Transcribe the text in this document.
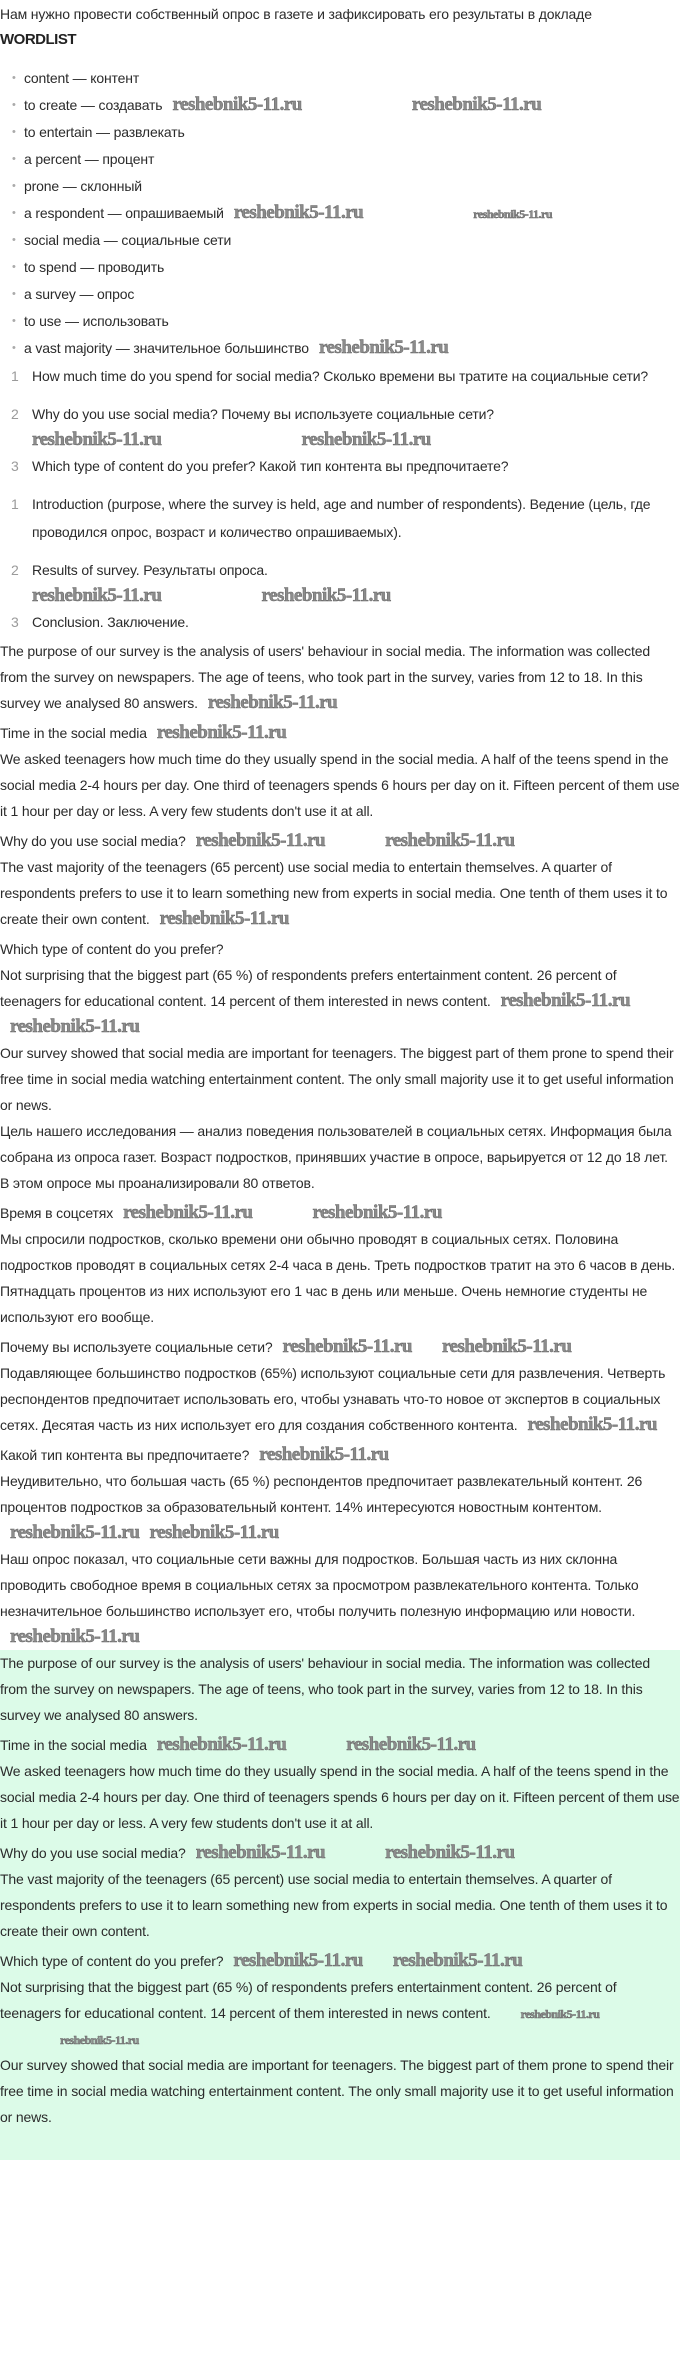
Нам нужно провести собственный опрос в газете и зафиксировать его результаты в докладе

WORDLIST
• content — контент
• to create — создавать reshebnik5-11.ru	reshebnik5-11.ru
• to entertain — развлекать
• a percent — процент
• prone — склонный
• a respondent — опрашиваемый reshebnik5-11.ru	reshebnik5-11.ru
• social media — социальные сети
• to spend — проводить
• a survey — опрос
• to use — использовать
• a vast majority — значительное большинство reshebnik5-11.ru
1 How much time do you spend for social media? Сколько времени вы тратите на социальные сети?
2 Why do you use social media? Почему вы используете социальные сети?
reshebnik5-11.ru	reshebnik5-11.ru
3 Which type of content do you prefer? Какой тип контента вы предпочитаете?
1 Introduction (purpose, where the survey is held, age and number of respondents). Ведение (цель, где проводился опрос, возраст и количество опрашиваемых).
2 Results of survey. Результаты опроса.
reshebnik5-11.ru	reshebnik5-11.ru
3 Conclusion. Заключение.

The purpose of our survey is the analysis of users' behaviour in social media. The information was collected from the survey on newspapers. The age of teens, who took part in the survey, varies from 12 to 18. In this survey we analysed 80 answers. reshebnik5-11.ru

Time in the social media reshebnik5-11.ru

We asked teenagers how much time do they usually spend in the social media. A half of the teens spend in the social media 2-4 hours per day. One third of teenagers spends 6 hours per day on it. Fifteen percent of them use it 1 hour per day or less. A very few students don't use it at all.

Why do you use social media? reshebnik5-11.ru	reshebnik5-11.ru

The vast majority of the teenagers (65 percent) use social media to entertain themselves. A quarter of respondents prefers to use it to learn something new from experts in social media. One tenth of them uses it to create their own content. reshebnik5-11.ru

Which type of content do you prefer?

Not surprising that the biggest part (65 %) of respondents prefers entertainment content. 26 percent of teenagers for educational content. 14 percent of them interested in news content. reshebnik5-11.rureshebnik5-11.ru

Our survey showed that social media are important for teenagers. The biggest part of them prone to spend their free time in social media watching entertainment content. The only small majority use it to get useful information or news.

Цель нашего исследования — анализ поведения пользователей в социальных сетях. Информация была собрана из опроса газет. Возраст подростков, принявших участие в опросе, варьируется от 12 до 18 лет. В этом опросе мы проанализировали 80 ответов.

Время в соцсетях reshebnik5-11.ru	reshebnik5-11.ru

Мы спросили подростков, сколько времени они обычно проводят в социальных сетях. Половина подростков проводят в социальных сетях 2-4 часа в день. Треть подростков тратит на это 6 часов в день. Пятнадцать процентов из них используют его 1 час в день или меньше. Очень немногие студенты не используют его вообще.

Почему вы используете социальные сети? reshebnik5-11.ru reshebnik5-11.ru

Подавляющее большинство подростков (65%) используют социальные сети для развлечения. Четверть респондентов предпочитает использовать его, чтобы узнавать что-то новое от экспертов в социальных сетях. Десятая часть из них использует его для создания собственного контента. reshebnik5-11.ru

Какой тип контента вы предпочитаете? reshebnik5-11.ru

Неудивительно, что большая часть (65 %) респондентов предпочитает развлекательный контент. 26 процентов подростков за образовательный контент. 14% интересуются новостным контентом.reshebnik5-11.ru reshebnik5-11.ru

Наш опрос показал, что социальные сети важны для подростков. Большая часть из них склонна проводить свободное время в социальных сетях за просмотром развлекательного контента. Только незначительное большинство использует его, чтобы получить полезную информацию или новости.reshebnik5-11.ru

The purpose of our survey is the analysis of users' behaviour in social media. The information was collected from the survey on newspapers. The age of teens, who took part in the survey, varies from 12 to 18. In this survey we analysed 80 answers.

Time in the social media reshebnik5-11.ru	reshebnik5-11.ru

We asked teenagers how much time do they usually spend in the social media. A half of the teens spend in the social media 2-4 hours per day. One third of teenagers spends 6 hours per day on it. Fifteen percent of them use it 1 hour per day or less. A very few students don't use it at all.

Why do you use social media? reshebnik5-11.ru	reshebnik5-11.ru

The vast majority of the teenagers (65 percent) use social media to entertain themselves. A quarter of respondents prefers to use it to learn something new from experts in social media. One tenth of them uses it to create their own content.

Which type of content do you prefer? reshebnik5-11.ru reshebnik5-11.ru

Not surprising that the biggest part (65 %) of respondents prefers entertainment content. 26 percent of teenagers for educational content. 14 percent of them interested in news content.	reshebnik5-11.rureshebnik5-11.ru

Our survey showed that social media are important for teenagers. The biggest part of them prone to spend their free time in social media watching entertainment content. The only small majority use it to get useful information or news.
